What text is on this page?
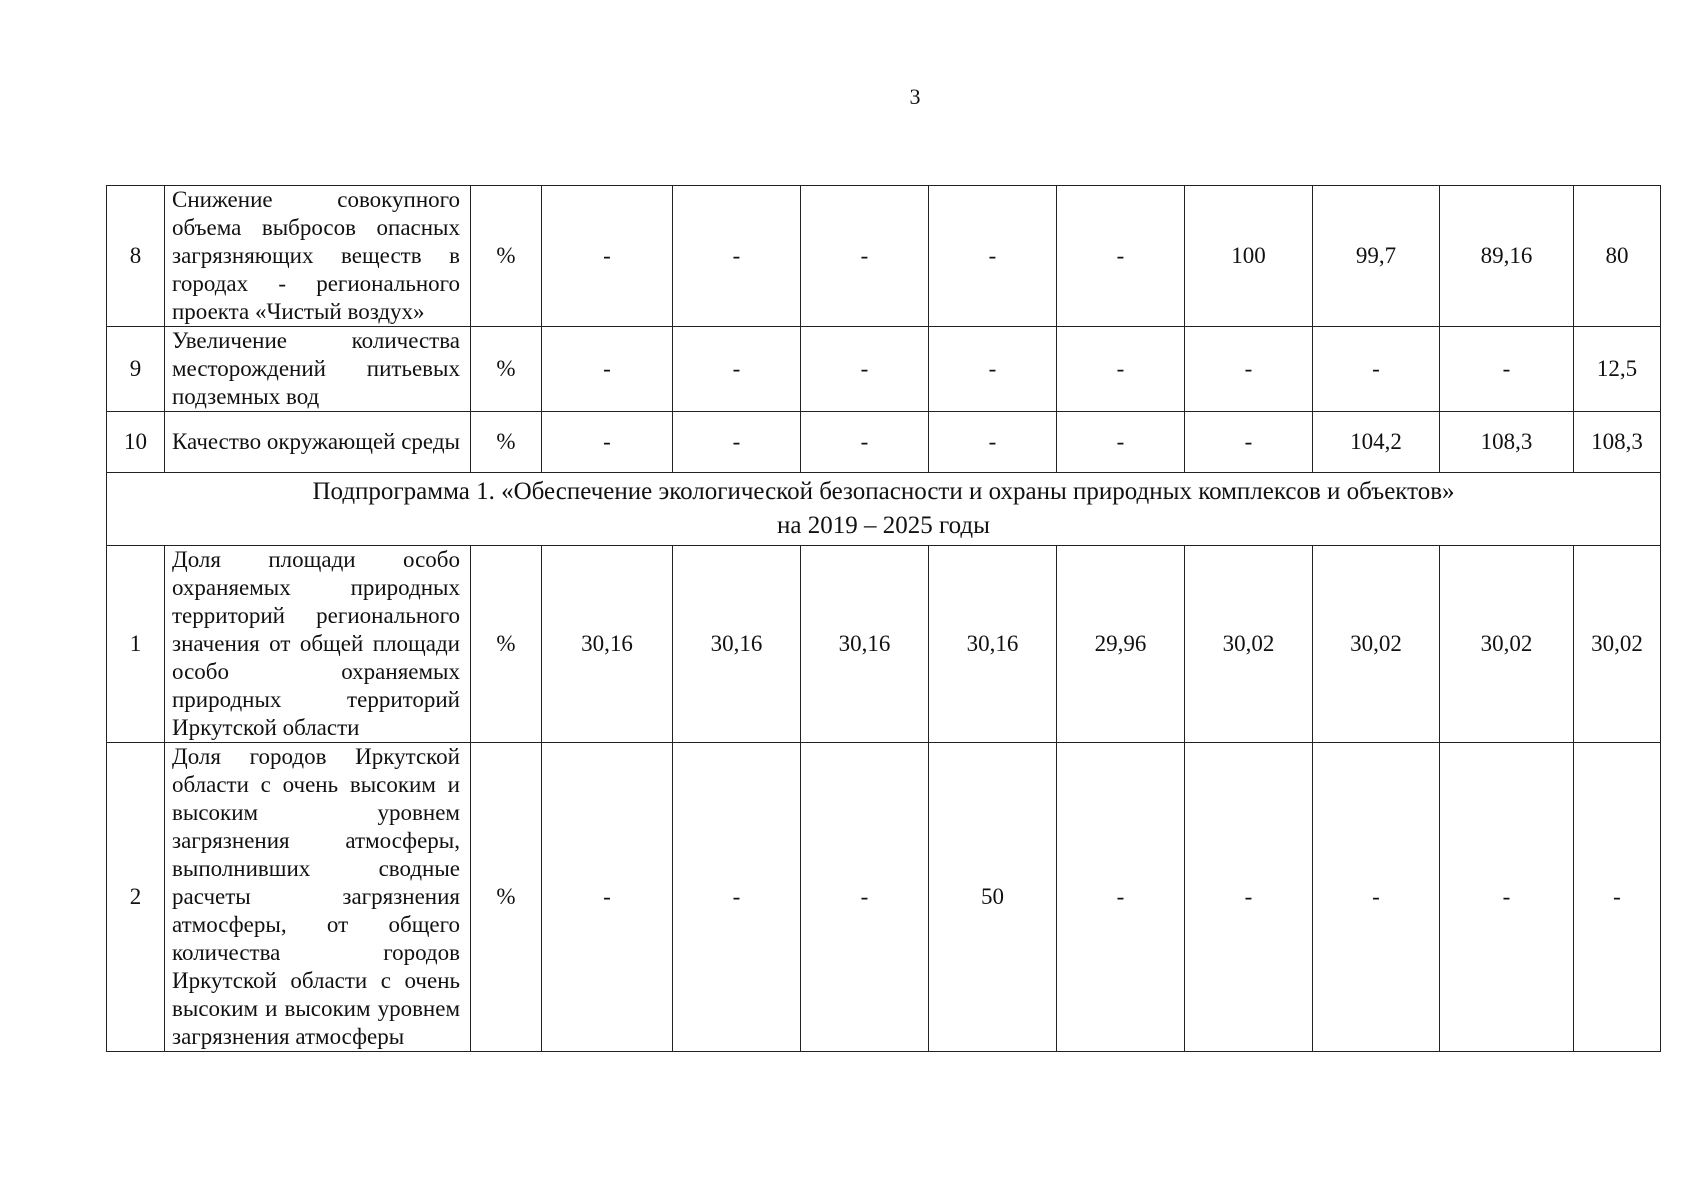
3
8	Снижение совокупного объема выбросов опасных загрязняющих веществ в городах - регионального проекта «Чистый воздух»	%	-	-	-	-	-	100	99,7	89,16	80
9	Увеличение количества месторождений питьевых подземных вод	%	-	-	-	-	-	-	-	-	12,5
10	Качество окружающей среды	%	-	-	-	-	-	-	104,2	108,3	108,3

Подпрограмма 1. «Обеспечение экологической безопасности и охраны природных комплексов и объектов»
на 2019 – 2025 годы											

1	Доля площади особо охраняемых природных территорий регионального значения от общей площади особо охраняемых природных территорий Иркутской области	%	30,16	30,16	30,16	30,16	29,96	30,02	30,02	30,02	30,02
2	Доля городов Иркутской области с очень высоким и высоким уровнем загрязнения атмосферы, выполнивших сводные расчеты загрязнения атмосферы, от общего количества городов Иркутской области с очень высоким и высоким уровнем загрязнения атмосферы	%	-	-	-	50	-	-	-	-	-
